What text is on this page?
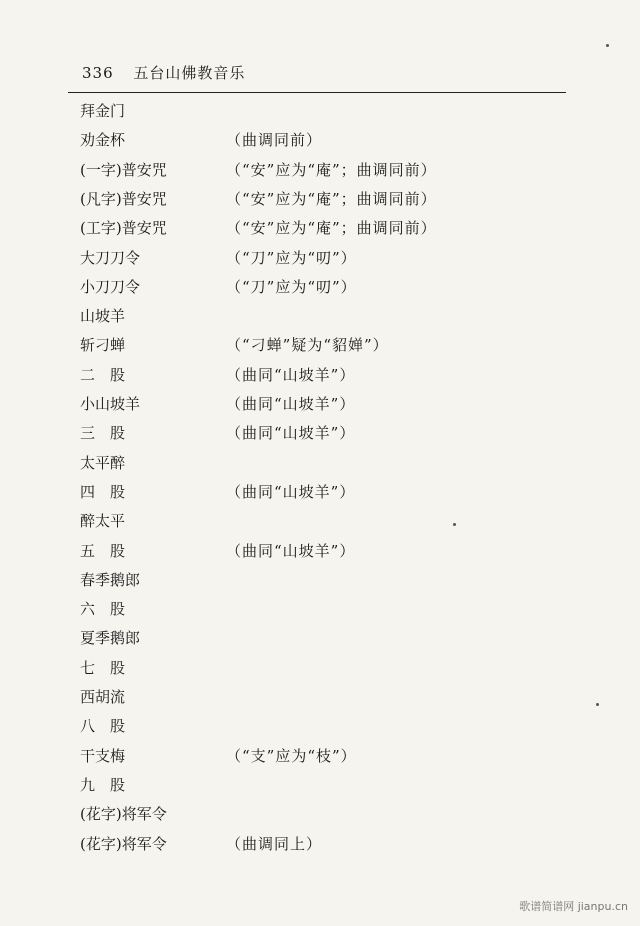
336 五台山佛教音乐
拜金门
劝金杯	（曲调同前）
(一字)普安咒	（“安”应为“庵”；曲调同前）
(凡字)普安咒	（“安”应为“庵”；曲调同前）
(工字)普安咒	（“安”应为“庵”；曲调同前）
大刀刀令	（“刀”应为“叨”）
小刀刀令	（“刀”应为“叨”）
山坡羊
斩刁蝉	（“刁蝉”疑为“貂婵”）
二　股	（曲同“山坡羊”）
小山坡羊	（曲同“山坡羊”）
三　股	（曲同“山坡羊”）
太平醉
四　股	（曲同“山坡羊”）
醉太平
五　股	（曲同“山坡羊”）
春季鹅郎
六　股
夏季鹅郎
七　股
西胡流
八　股
干支梅	（“支”应为“枝”）
九　股
(花字)将军令
(花字)将军令	（曲调同上）
歌谱简谱网 jianpu.cn
